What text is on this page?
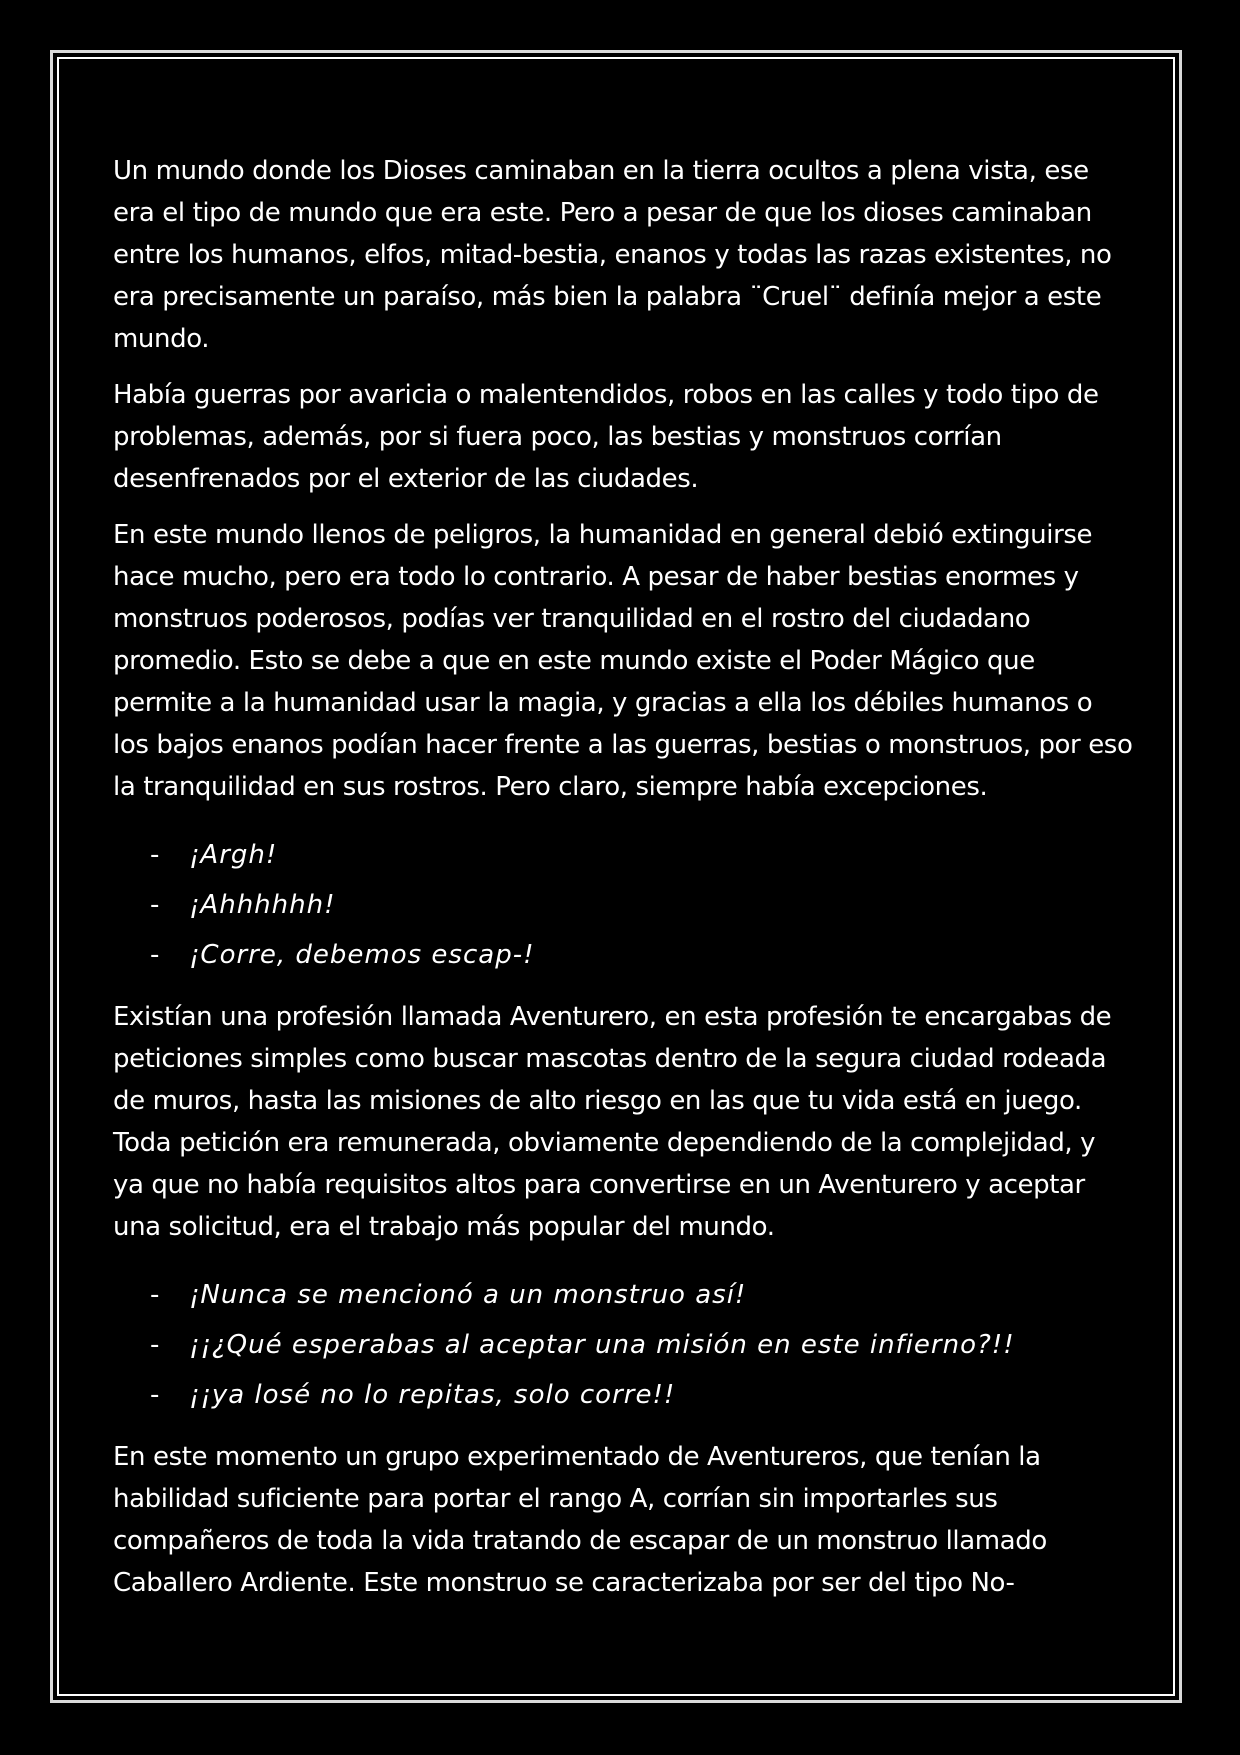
Un mundo donde los Dioses caminaban en la tierra ocultos a plena vista, ese era el tipo de mundo que era este. Pero a pesar de que los dioses caminaban entre los humanos, elfos, mitad-bestia, enanos y todas las razas existentes, no era precisamente un paraíso, más bien la palabra ¨Cruel¨ definía mejor a este mundo.

Había guerras por avaricia o malentendidos, robos en las calles y todo tipo de problemas, además, por si fuera poco, las bestias y monstruos corrían desenfrenados por el exterior de las ciudades.

En este mundo llenos de peligros, la humanidad en general debió extinguirse hace mucho, pero era todo lo contrario. A pesar de haber bestias enormes y monstruos poderosos, podías ver tranquilidad en el rostro del ciudadano promedio. Esto se debe a que en este mundo existe el Poder Mágico que permite a la humanidad usar la magia, y gracias a ella los débiles humanos o los bajos enanos podían hacer frente a las guerras, bestias o monstruos, por eso la tranquilidad en sus rostros. Pero claro, siempre había excepciones.

- ¡Argh!
- ¡Ahhhhhh!
- ¡Corre, debemos escap-!

Existían una profesión llamada Aventurero, en esta profesión te encargabas de peticiones simples como buscar mascotas dentro de la segura ciudad rodeada de muros, hasta las misiones de alto riesgo en las que tu vida está en juego. Toda petición era remunerada, obviamente dependiendo de la complejidad, y ya que no había requisitos altos para convertirse en un Aventurero y aceptar una solicitud, era el trabajo más popular del mundo.

- ¡Nunca se mencionó a un monstruo así!
- ¡¡¿Qué esperabas al aceptar una misión en este infierno?!!
- ¡¡ya losé no lo repitas, solo corre!!

En este momento un grupo experimentado de Aventureros, que tenían la habilidad suficiente para portar el rango A, corrían sin importarles sus compañeros de toda la vida tratando de escapar de un monstruo llamado Caballero Ardiente. Este monstruo se caracterizaba por ser del tipo No-
